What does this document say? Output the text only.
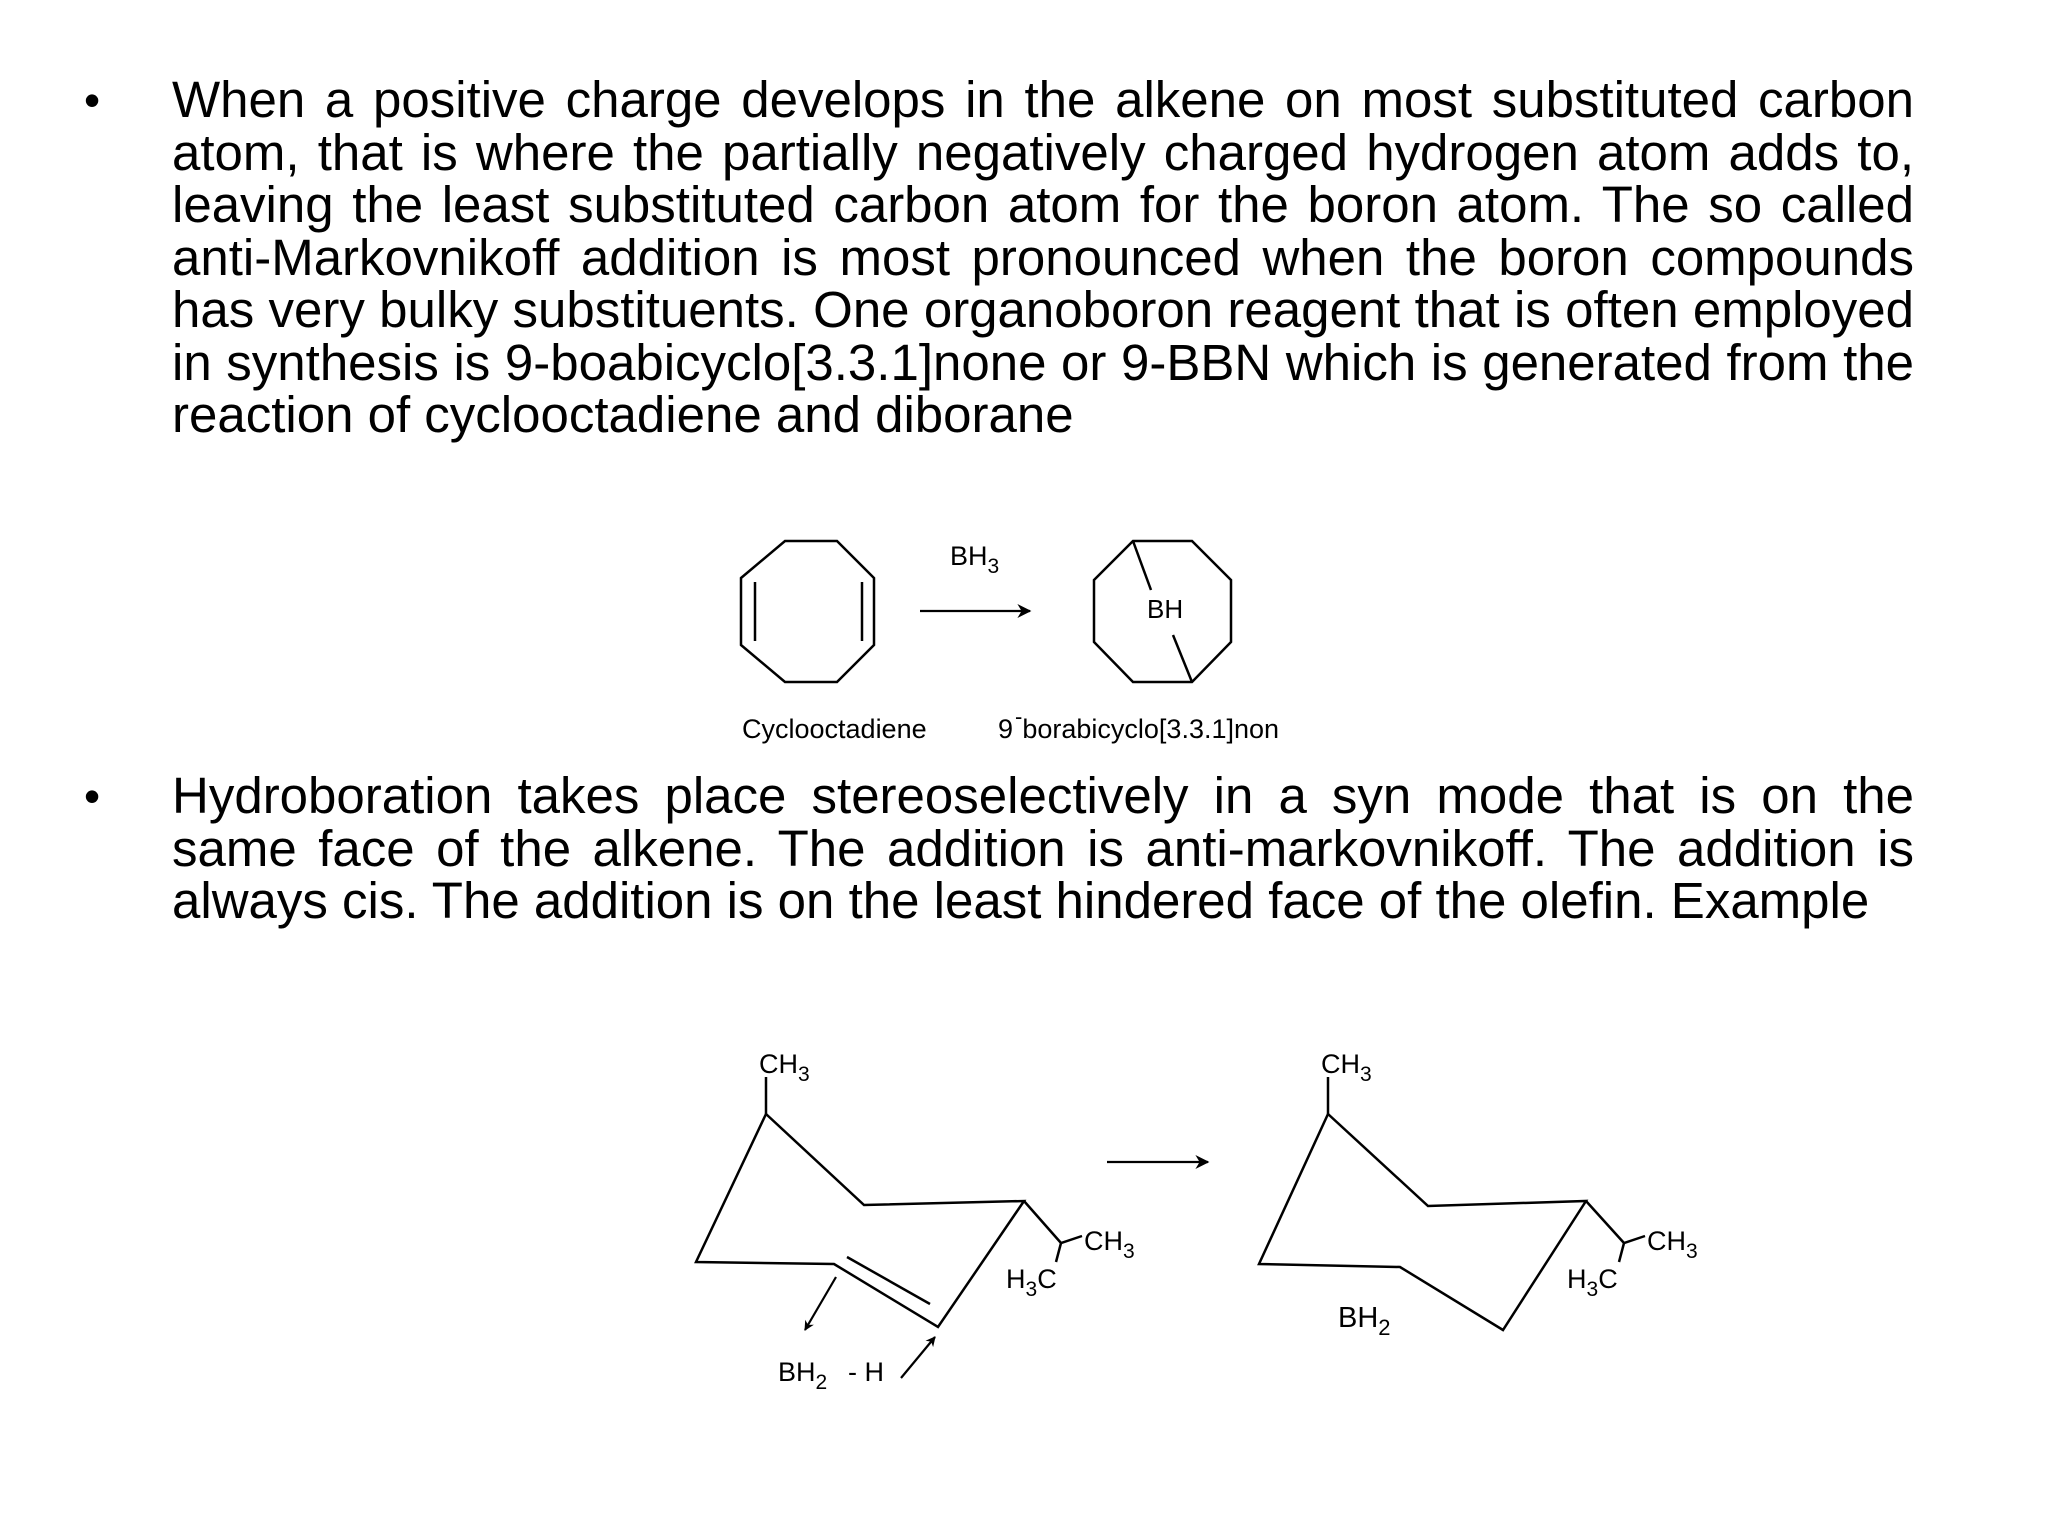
•	When a positive charge develops in the alkene on most substituted carbon atom, that is where the partially negatively charged hydrogen atom adds to, leaving the least substituted carbon atom for the boron atom. The so called anti-Markovnikoff addition is most pronounced when the boron compounds has very bulky substituents. One organoboron reagent that is often employed in synthesis is 9-boabicyclo[3.3.1]none or 9-BBN which is generated from the reaction of cyclooctadiene and diborane
$BH_3$
BH
Cyclooctadiene	9-borabicyclo[3.3.1]non
$CH_3$
$CH_3$
$H_3C$
$BH_2$ - H
$CH_3$
$CH_3$
$H_3C$
$BH_2$
•	Hydroboration takes place stereoselectively in a syn mode that is on the same face of the alkene. The addition is anti-markovnikoff. The addition is always cis. The addition is on the least hindered face of the olefin. Example
